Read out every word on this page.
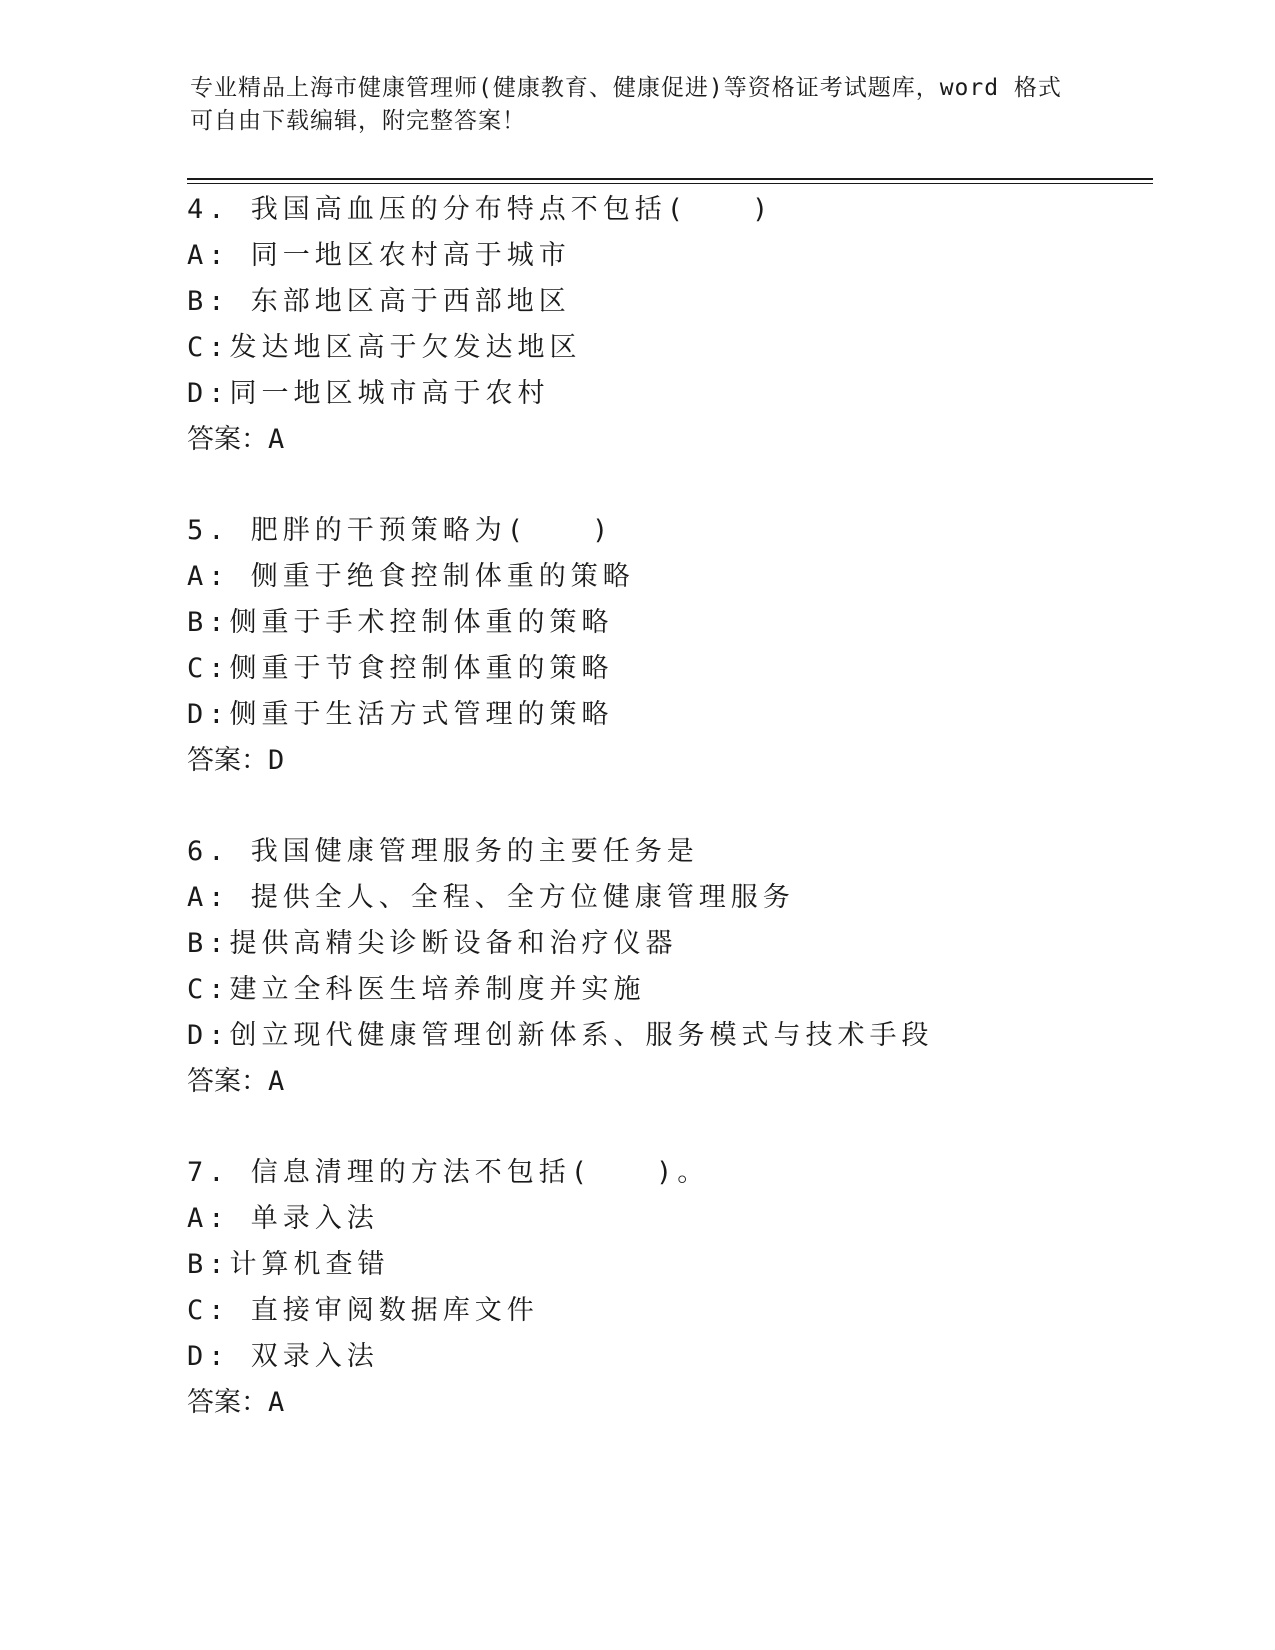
专业精品上海市健康管理师(健康教育、健康促进)等资格证考试题库，word 格式
可自由下载编辑，附完整答案！
4. 我国高血压的分布特点不包括(　　)
A: 同一地区农村高于城市
B: 东部地区高于西部地区
C:发达地区高于欠发达地区
D:同一地区城市高于农村
答案：A
5. 肥胖的干预策略为(　　)
A: 侧重于绝食控制体重的策略
B:侧重于手术控制体重的策略
C:侧重于节食控制体重的策略
D:侧重于生活方式管理的策略
答案：D
6. 我国健康管理服务的主要任务是
A: 提供全人、全程、全方位健康管理服务
B:提供高精尖诊断设备和治疗仪器
C:建立全科医生培养制度并实施
D:创立现代健康管理创新体系、服务模式与技术手段
答案：A
7. 信息清理的方法不包括(　　)。
A: 单录入法
B:计算机查错
C: 直接审阅数据库文件
D: 双录入法
答案：A
